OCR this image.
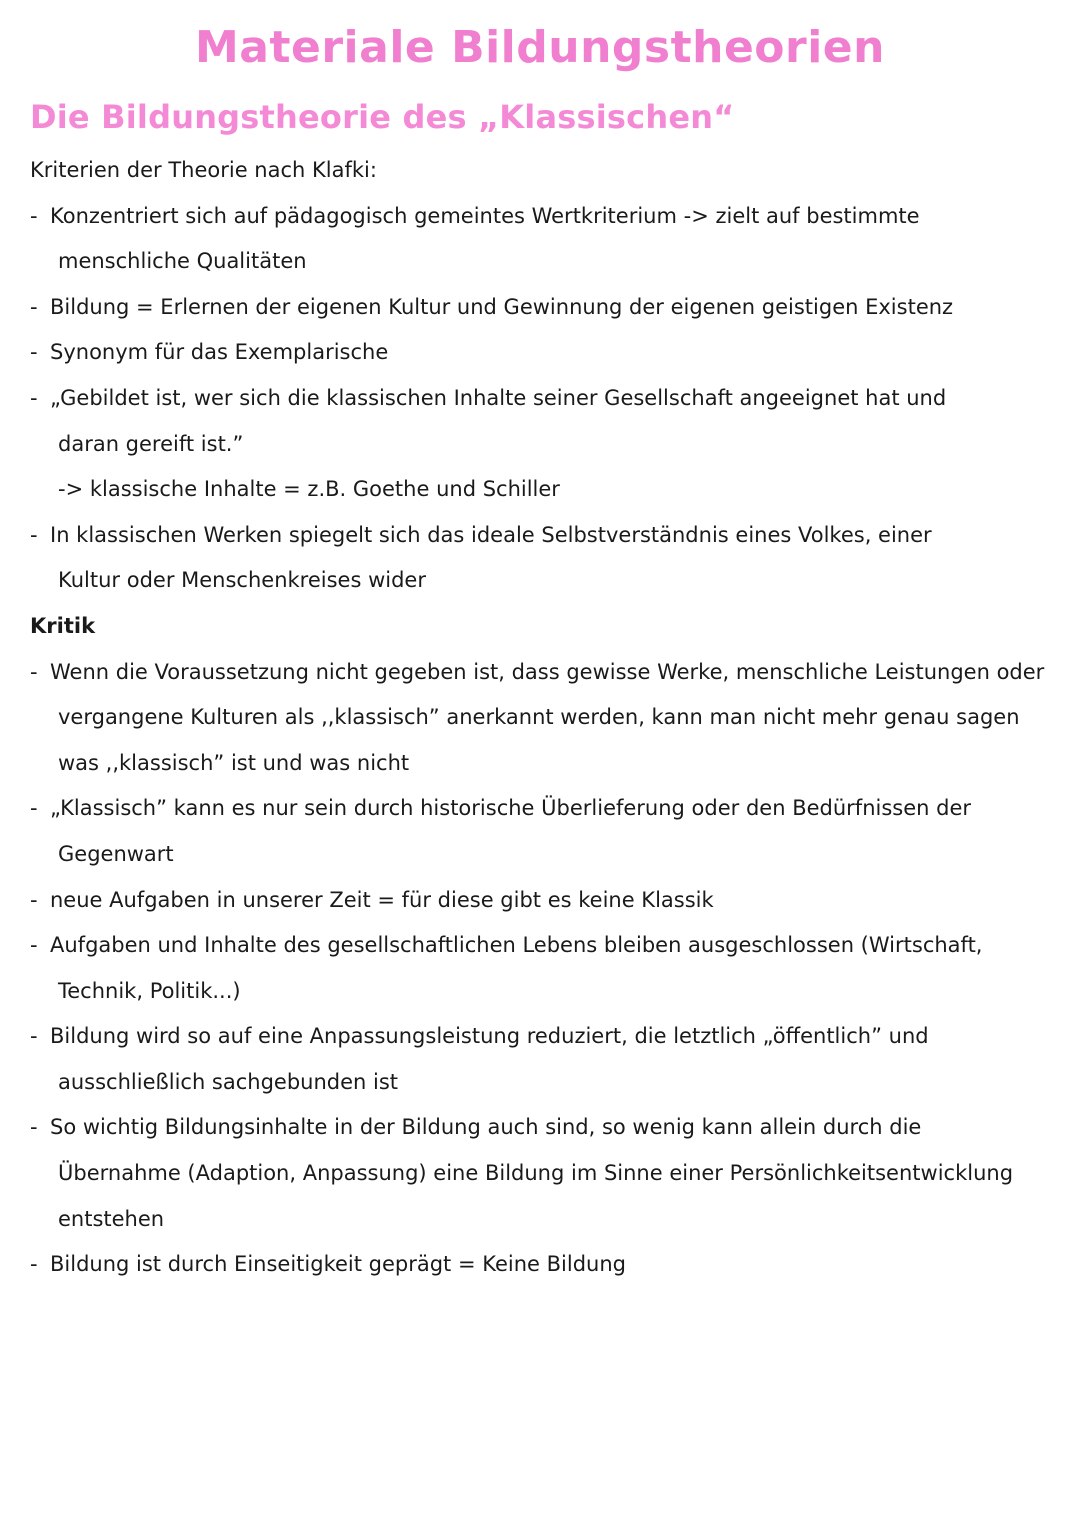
Materiale Bildungstheorien
Die Bildungstheorie des „Klassischen“
Kriterien der Theorie nach Klafki:
- Konzentriert sich auf pädagogisch gemeintes Wertkriterium -> zielt auf bestimmte
menschliche Qualitäten
- Bildung = Erlernen der eigenen Kultur und Gewinnung der eigenen geistigen Existenz
- Synonym für das Exemplarische
- „Gebildet ist, wer sich die klassischen Inhalte seiner Gesellschaft angeeignet hat und
daran gereift ist.”
-> klassische Inhalte = z.B. Goethe und Schiller
- In klassischen Werken spiegelt sich das ideale Selbstverständnis eines Volkes, einer
Kultur oder Menschenkreises wider
Kritik
- Wenn die Voraussetzung nicht gegeben ist, dass gewisse Werke, menschliche Leistungen oder
vergangene Kulturen als ,,klassisch” anerkannt werden, kann man nicht mehr genau sagen
was ,,klassisch” ist und was nicht
- „Klassisch” kann es nur sein durch historische Überlieferung oder den Bedürfnissen der
Gegenwart
- neue Aufgaben in unserer Zeit = für diese gibt es keine Klassik
- Aufgaben und Inhalte des gesellschaftlichen Lebens bleiben ausgeschlossen (Wirtschaft,
Technik, Politik...)
- Bildung wird so auf eine Anpassungsleistung reduziert, die letztlich „öffentlich” und
ausschließlich sachgebunden ist
- So wichtig Bildungsinhalte in der Bildung auch sind, so wenig kann allein durch die
Übernahme (Adaption, Anpassung) eine Bildung im Sinne einer Persönlichkeitsentwicklung
entstehen
- Bildung ist durch Einseitigkeit geprägt = Keine Bildung
